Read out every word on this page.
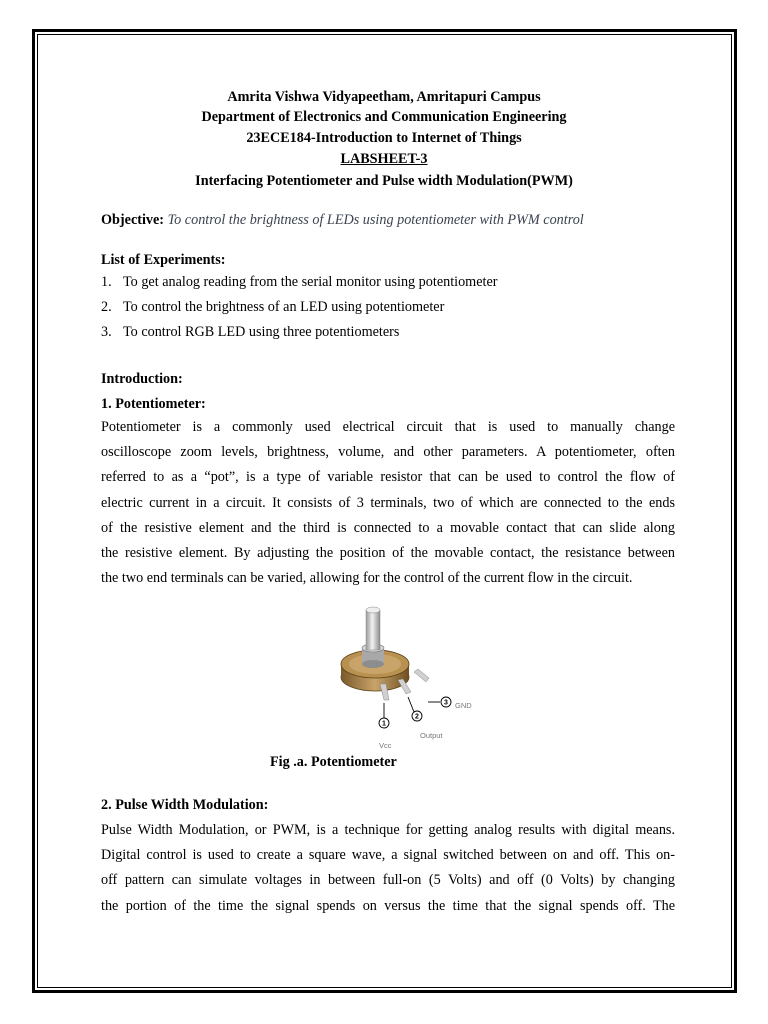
Amrita Vishwa Vidyapeetham, Amritapuri Campus
Department of Electronics and Communication Engineering
23ECE184-Introduction to Internet of Things
LABSHEET-3
Interfacing Potentiometer and Pulse width Modulation(PWM)
Objective: To control the brightness of LEDs using potentiometer with PWM control
List of Experiments:
1. To get analog reading from the serial monitor using potentiometer
2. To control the brightness of an LED using potentiometer
3. To control RGB LED using three potentiometers
Introduction:
1. Potentiometer:
Potentiometer is a commonly used electrical circuit that is used to manually change
oscilloscope zoom levels, brightness, volume, and other parameters. A potentiometer, often
referred to as a “pot”, is a type of variable resistor that can be used to control the flow of
electric current in a circuit. It consists of 3 terminals, two of which are connected to the ends
of the resistive element and the third is connected to a movable contact that can slide along
the resistive element. By adjusting the position of the movable contact, the resistance between
the two end terminals can be varied, allowing for the control of the current flow in the circuit.
1
2
3 GND
Output
Vcc
Fig .a. Potentiometer
2. Pulse Width Modulation:
Pulse Width Modulation, or PWM, is a technique for getting analog results with digital means.
Digital control is used to create a square wave, a signal switched between on and off. This on-
off pattern can simulate voltages in between full-on (5 Volts) and off (0 Volts) by changing
the portion of the time the signal spends on versus the time that the signal spends off. The
